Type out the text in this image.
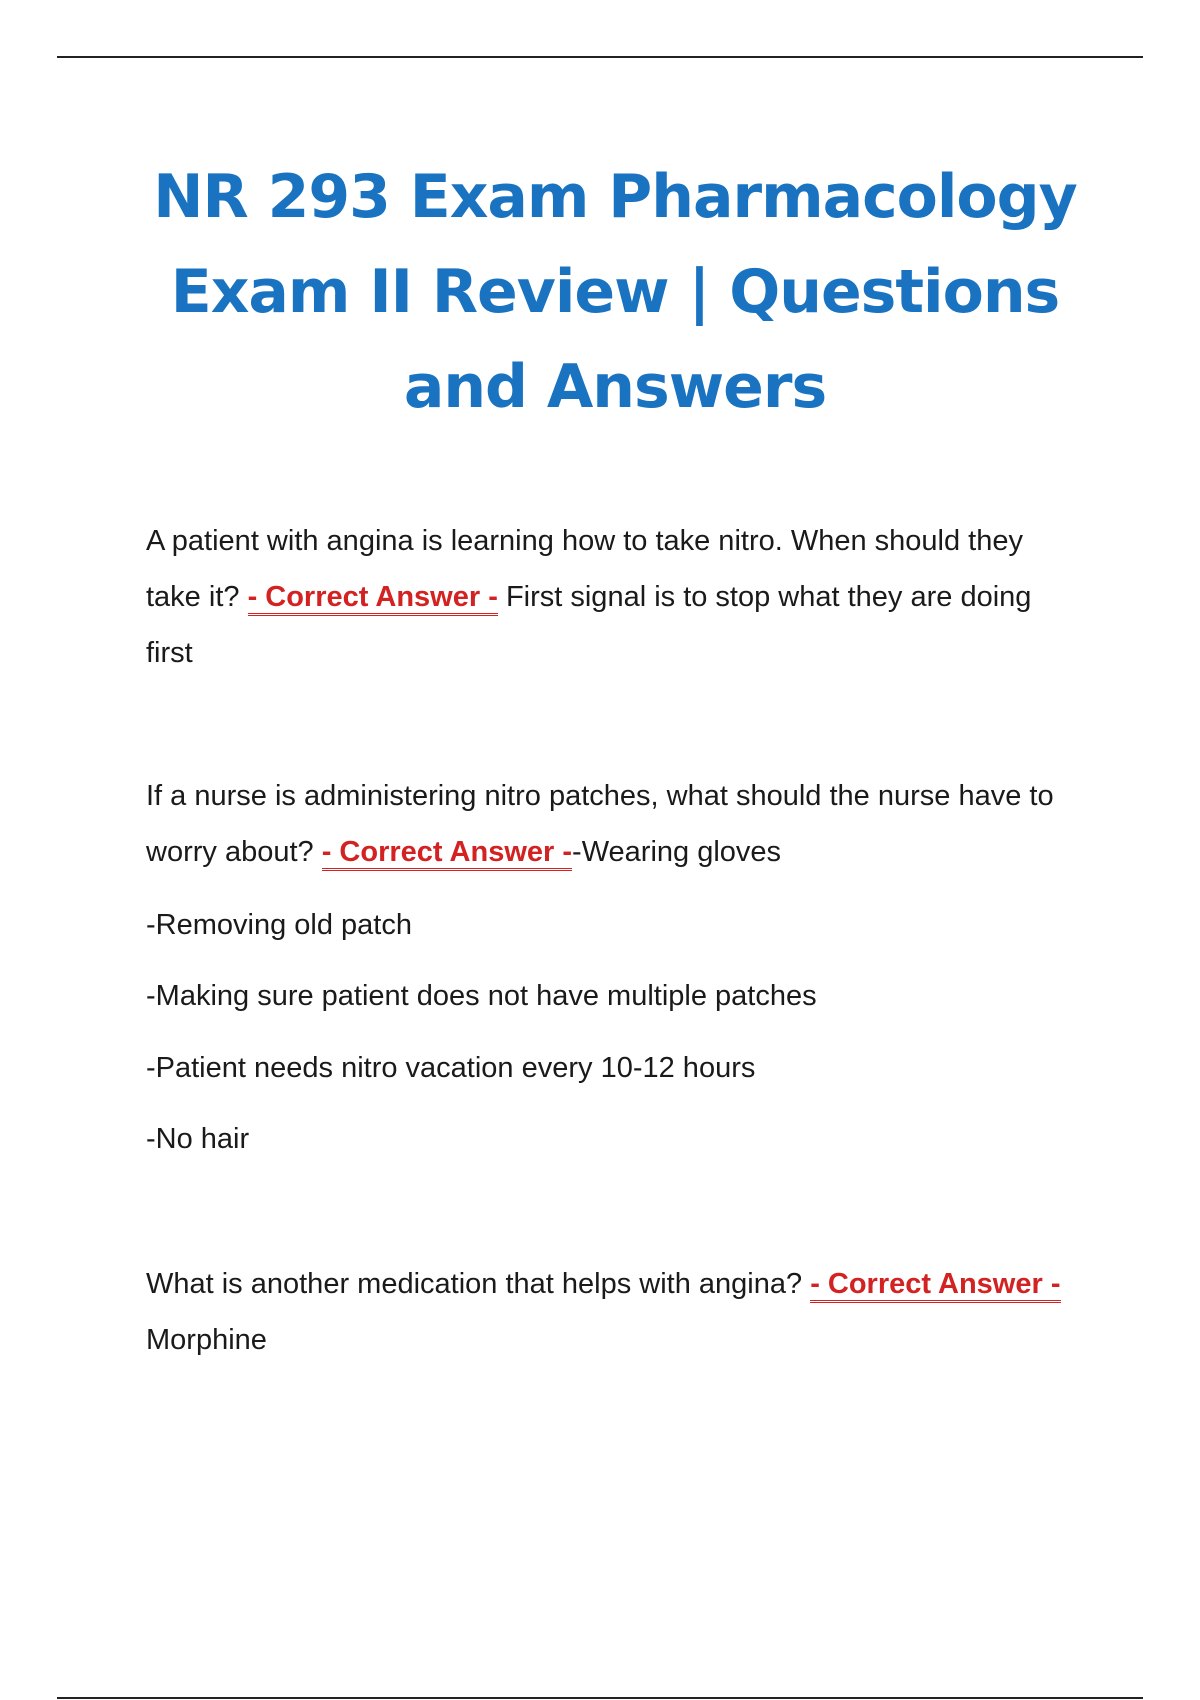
NR 293 Exam Pharmacology
Exam II Review | Questions
and Answers

A patient with angina is learning how to take nitro. When should they take it? - Correct Answer - First signal is to stop what they are doing first

If a nurse is administering nitro patches, what should the nurse have to worry about? - Correct Answer --Wearing gloves

-Removing old patch

-Making sure patient does not have multiple patches

-Patient needs nitro vacation every 10-12 hours

-No hair

What is another medication that helps with angina? - Correct Answer - Morphine
